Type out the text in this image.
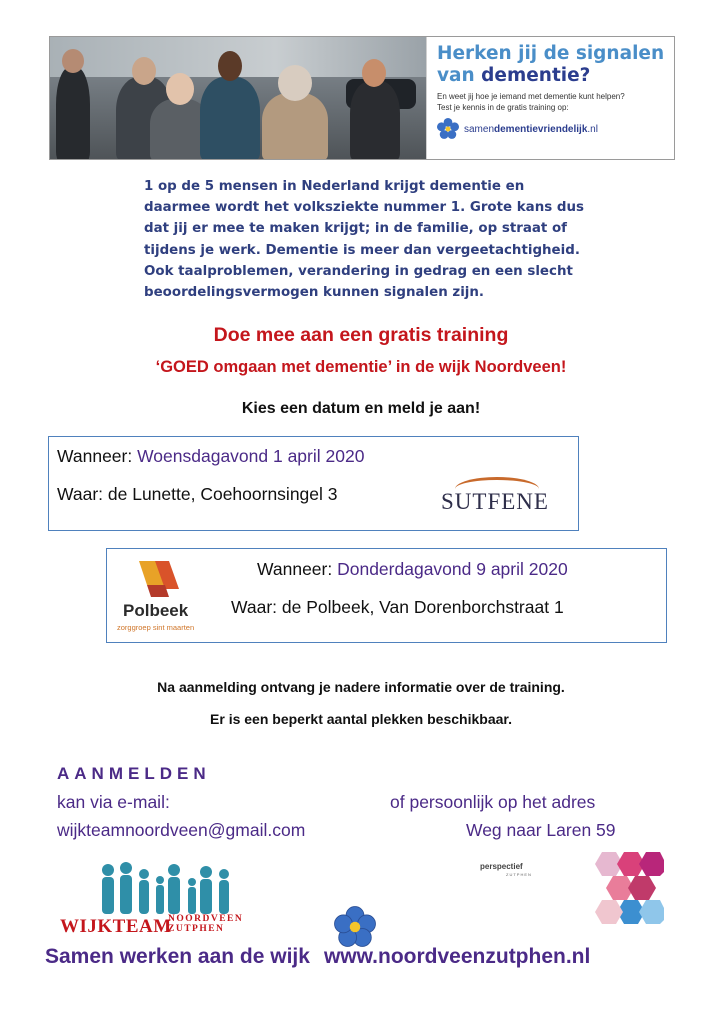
Herken jij de signalen
van dementie?
En weet jij hoe je iemand met dementie kunt helpen?
Test je kennis in de gratis training op:
samendementievriendelijk.nl
1 op de 5 mensen in Nederland krijgt dementie en
daarmee wordt het volksziekte nummer 1. Grote kans dus
dat jij er mee te maken krijgt; in de familie, op straat of
tijdens je werk. Dementie is meer dan vergeetachtigheid.
Ook taalproblemen, verandering in gedrag en een slecht
beoordelingsvermogen kunnen signalen zijn.
Doe mee aan een gratis training
‘GOED omgaan met dementie’ in de wijk Noordveen!
Kies een datum en meld je aan!
Wanneer: Woensdagavond 1 april 2020
Waar: de Lunette, Coehoornsingel 3	SUTFENE
Polbeek
zorggroep sint maarten
Wanneer: Donderdagavond 9 april 2020
Waar: de Polbeek, Van Dorenborchstraat 1
Na aanmelding ontvang je nadere informatie over de training.
Er is een beperkt aantal plekken beschikbaar.
AANMELDEN
kan via e-mail:
wijkteamnoordveen@gmail.com
of persoonlijk op het adres
Weg naar Laren 59
WIJKTEAM
NOORDVEEN
ZUTPHEN
perspectief
ZUTPHEN
Samen werken aan de wijk www.noordveenzutphen.nl
